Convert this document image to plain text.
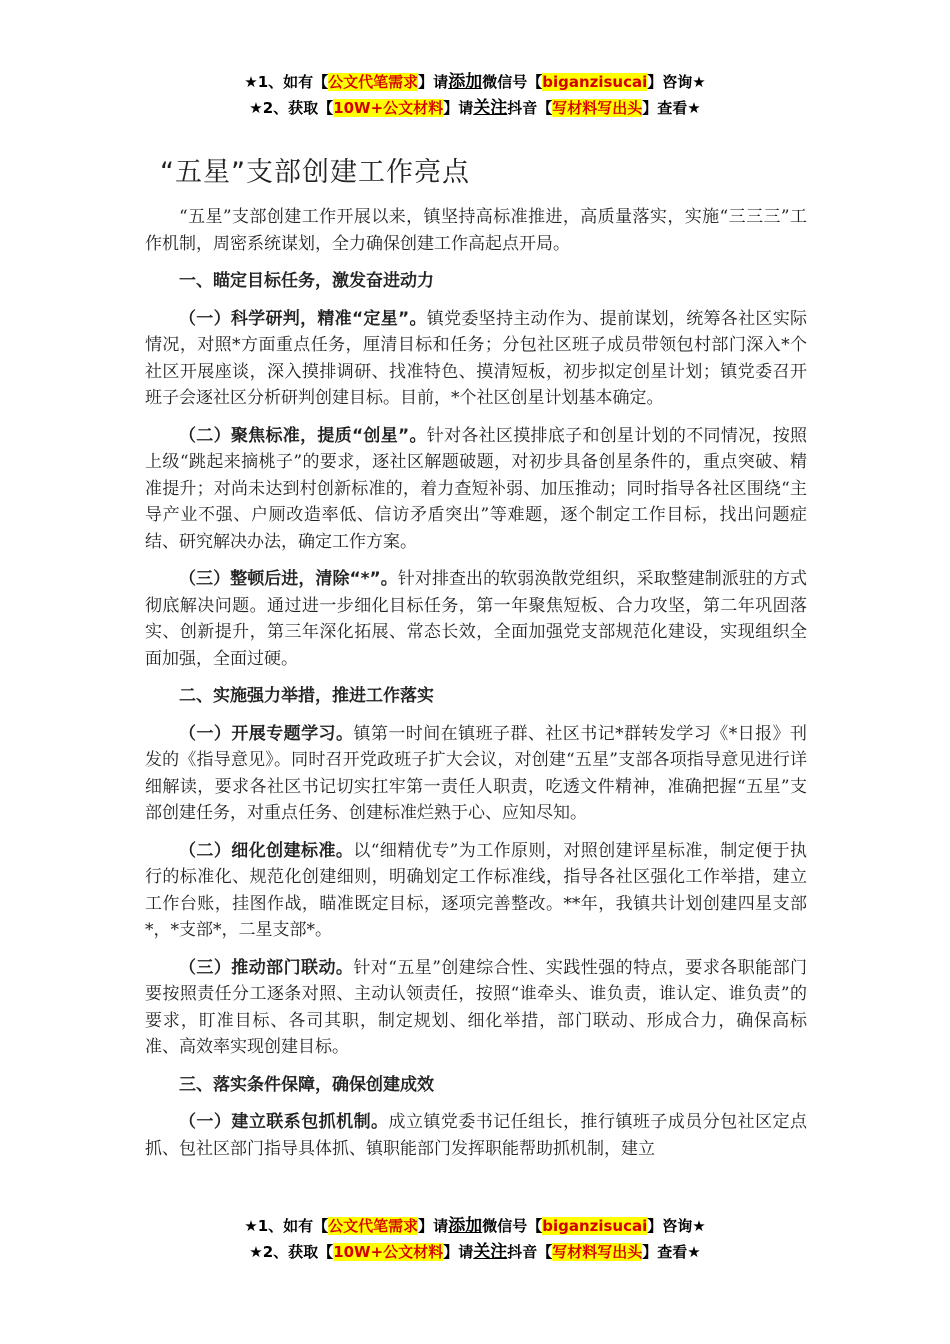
★1、如有【公文代笔需求】请添加微信号【biganzisucai】咨询★
★2、获取【10W+公文材料】请关注抖音【写材料写出头】查看★
“五星”支部创建工作亮点

“五星”支部创建工作开展以来，镇坚持高标准推进，高质量落实，实施“三三三”工作机制，周密系统谋划，全力确保创建工作高起点开局。

一、瞄定目标任务，激发奋进动力

（一）科学研判，精准“定星”。镇党委坚持主动作为、提前谋划，统筹各社区实际情况，对照*方面重点任务，厘清目标和任务；分包社区班子成员带领包村部门深入*个社区开展座谈，深入摸排调研、找准特色、摸清短板，初步拟定创星计划；镇党委召开班子会逐社区分析研判创建目标。目前，*个社区创星计划基本确定。

（二）聚焦标准，提质“创星”。针对各社区摸排底子和创星计划的不同情况，按照上级“跳起来摘桃子”的要求，逐社区解题破题，对初步具备创星条件的，重点突破、精准提升；对尚未达到村创新标准的，着力查短补弱、加压推动；同时指导各社区围绕“主导产业不强、户厕改造率低、信访矛盾突出”等难题，逐个制定工作目标，找出问题症结、研究解决办法，确定工作方案。

（三）整顿后进，清除“*”。针对排查出的软弱涣散党组织，采取整建制派驻的方式彻底解决问题。通过进一步细化目标任务，第一年聚焦短板、合力攻坚，第二年巩固落实、创新提升，第三年深化拓展、常态长效，全面加强党支部规范化建设，实现组织全面加强，全面过硬。

二、实施强力举措，推进工作落实

（一）开展专题学习。镇第一时间在镇班子群、社区书记*群转发学习《*日报》刊发的《指导意见》。同时召开党政班子扩大会议，对创建“五星”支部各项指导意见进行详细解读，要求各社区书记切实扛牢第一责任人职责，吃透文件精神，准确把握“五星”支部创建任务，对重点任务、创建标准烂熟于心、应知尽知。

（二）细化创建标准。以“细精优专”为工作原则，对照创建评星标准，制定便于执行的标准化、规范化创建细则，明确划定工作标准线，指导各社区强化工作举措，建立工作台账，挂图作战，瞄准既定目标，逐项完善整改。**年，我镇共计划创建四星支部*，*支部*，二星支部*。

（三）推动部门联动。针对“五星”创建综合性、实践性强的特点，要求各职能部门要按照责任分工逐条对照、主动认领责任，按照“谁牵头、谁负责，谁认定、谁负责”的要求，盯准目标、各司其职，制定规划、细化举措，部门联动、形成合力，确保高标准、高效率实现创建目标。

三、落实条件保障，确保创建成效

（一）建立联系包抓机制。成立镇党委书记任组长，推行镇班子成员分包社区定点抓、包社区部门指导具体抓、镇职能部门发挥职能帮助抓机制，建立

★1、如有【公文代笔需求】请添加微信号【biganzisucai】咨询★
★2、获取【10W+公文材料】请关注抖音【写材料写出头】查看★
